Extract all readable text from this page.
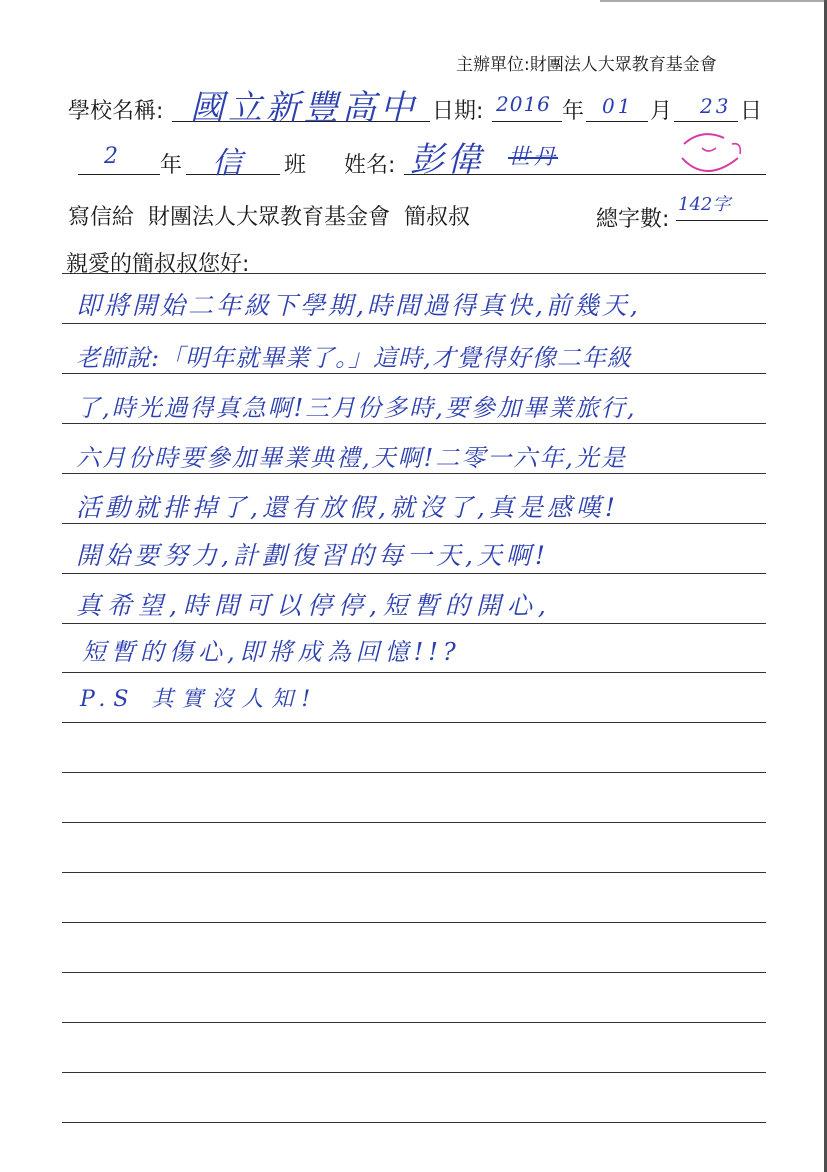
主辦單位:財團法人大眾教育基金會
學校名稱: 國立新豐高中 日期: 2016 年 01 月 23 日
2 年 信 班 姓名: 彭偉 世丹
寫信給  財團法人大眾教育基金會  簡叔叔	總字數:
142字
親愛的簡叔叔您好:
即將開始二年級下學期,時間過得真快,前幾天,
老師說:「明年就畢業了。」這時,才覺得好像二年級
了,時光過得真急啊!三月份多時,要參加畢業旅行,
六月份時要參加畢業典禮,天啊!二零一六年,光是
活動就排掉了,還有放假,就沒了,真是感嘆!
開始要努力,計劃復習的每一天,天啊!
真希望,時間可以停停,短暫的開心,
短暫的傷心,即將成為回憶!!?
P.S 其實沒人知!
